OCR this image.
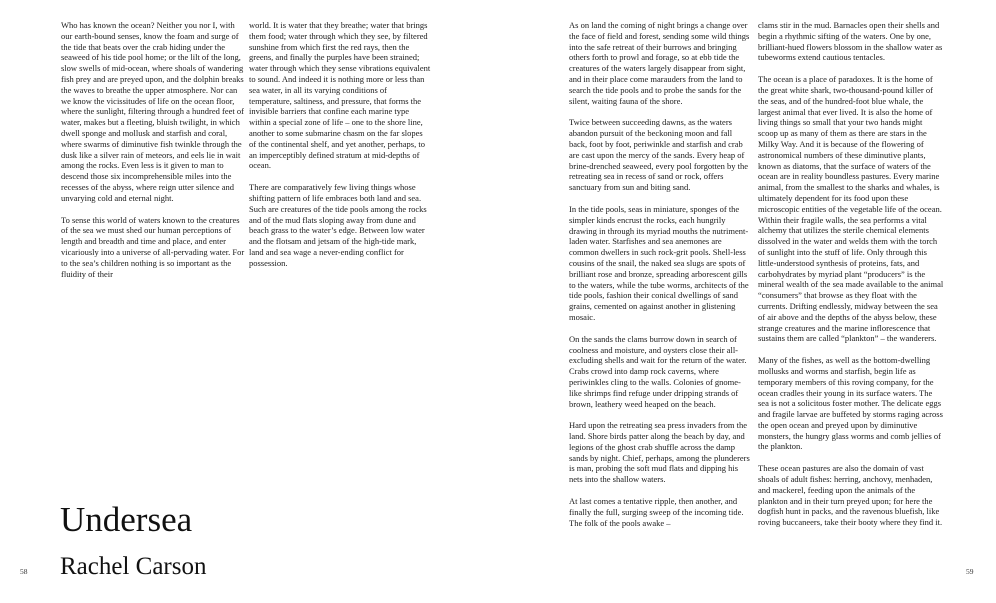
Who has known the ocean? Neither you nor I, with our earth-bound senses, know the foam and surge of the tide that beats over the crab hiding under the seaweed of his tide pool home; or the lilt of the long, slow swells of mid-ocean, where shoals of wandering fish prey and are preyed upon, and the dolphin breaks the waves to breathe the upper atmosphere. Nor can we know the vicissitudes of life on the ocean floor, where the sunlight, filtering through a hundred feet of water, makes but a fleeting, bluish twilight, in which dwell sponge and mollusk and starfish and coral, where swarms of diminutive fish twinkle through the dusk like a silver rain of meteors, and eels lie in wait among the rocks. Even less is it given to man to descend those six incomprehensible miles into the recesses of the abyss, where reign utter silence and unvarying cold and eternal night.

To sense this world of waters known to the creatures of the sea we must shed our human perceptions of length and breadth and time and place, and enter vicariously into a universe of all-pervading water. For to the sea’s children nothing is so important as the fluidity of their

world. It is water that they breathe; water that brings them food; water through which they see, by filtered sunshine from which first the red rays, then the greens, and finally the purples have been strained; water through which they sense vibrations equivalent to sound. And indeed it is nothing more or less than sea water, in all its varying conditions of temperature, saltiness, and pressure, that forms the invisible barriers that confine each marine type within a special zone of life – one to the shore line, another to some submarine chasm on the far slopes of the continental shelf, and yet another, perhaps, to an imperceptibly defined stratum at mid-depths of ocean.

There are comparatively few living things whose shifting pattern of life embraces both land and sea. Such are creatures of the tide pools among the rocks and of the mud flats sloping away from dune and beach grass to the water’s edge. Between low water and the flotsam and jetsam of the high-tide mark, land and sea wage a never-ending conflict for possession.

Undersea
Rachel Carson
58

As on land the coming of night brings a change over the face of field and forest, sending some wild things into the safe retreat of their burrows and bringing others forth to prowl and forage, so at ebb tide the creatures of the waters largely disappear from sight, and in their place come marauders from the land to search the tide pools and to probe the sands for the silent, waiting fauna of the shore.

Twice between succeeding dawns, as the waters abandon pursuit of the beckoning moon and fall back, foot by foot, periwinkle and starfish and crab are cast upon the mercy of the sands. Every heap of brine-drenched seaweed, every pool forgotten by the retreating sea in recess of sand or rock, offers sanctuary from sun and biting sand.

In the tide pools, seas in miniature, sponges of the simpler kinds encrust the rocks, each hungrily drawing in through its myriad mouths the nutriment-laden water. Starfishes and sea anemones are common dwellers in such rock-grit pools. Shell-less cousins of the snail, the naked sea slugs are spots of brilliant rose and bronze, spreading arborescent gills to the waters, while the tube worms, architects of the tide pools, fashion their conical dwellings of sand grains, cemented on against another in glistening mosaic.

On the sands the clams burrow down in search of coolness and moisture, and oysters close their all-excluding shells and wait for the return of the water. Crabs crowd into damp rock caverns, where periwinkles cling to the walls. Colonies of gnome-like shrimps find refuge under dripping strands of brown, leathery weed heaped on the beach.

Hard upon the retreating sea press invaders from the land. Shore birds patter along the beach by day, and legions of the ghost crab shuffle across the damp sands by night. Chief, perhaps, among the plunderers is man, probing the soft mud flats and dipping his nets into the shallow waters.

At last comes a tentative ripple, then another, and finally the full, surging sweep of the incoming tide. The folk of the pools awake –

clams stir in the mud. Barnacles open their shells and begin a rhythmic sifting of the waters. One by one, brilliant-hued flowers blossom in the shallow water as tubeworms extend cautious tentacles.

The ocean is a place of paradoxes. It is the home of the great white shark, two-thousand-pound killer of the seas, and of the hundred-foot blue whale, the largest animal that ever lived. It is also the home of living things so small that your two hands might scoop up as many of them as there are stars in the Milky Way. And it is because of the flowering of astronomical numbers of these diminutive plants, known as diatoms, that the surface of waters of the ocean are in reality boundless pastures. Every marine animal, from the smallest to the sharks and whales, is ultimately dependent for its food upon these microscopic entities of the vegetable life of the ocean. Within their fragile walls, the sea performs a vital alchemy that utilizes the sterile chemical elements dissolved in the water and welds them with the torch of sunlight into the stuff of life. Only through this little-understood synthesis of proteins, fats, and carbohydrates by myriad plant “producers” is the mineral wealth of the sea made available to the animal “consumers” that browse as they float with the currents. Drifting endlessly, midway between the sea of air above and the depths of the abyss below, these strange creatures and the marine inflorescence that sustains them are called “plankton” – the wanderers.

Many of the fishes, as well as the bottom-dwelling mollusks and worms and starfish, begin life as temporary members of this roving company, for the ocean cradles their young in its surface waters. The sea is not a solicitous foster mother. The delicate eggs and fragile larvae are buffeted by storms raging across the open ocean and preyed upon by diminutive monsters, the hungry glass worms and comb jellies of the plankton.

These ocean pastures are also the domain of vast shoals of adult fishes: herring, anchovy, menhaden, and mackerel, feeding upon the animals of the plankton and in their turn preyed upon; for here the dogfish hunt in packs, and the ravenous bluefish, like roving buccaneers, take their booty where they find it.

59
